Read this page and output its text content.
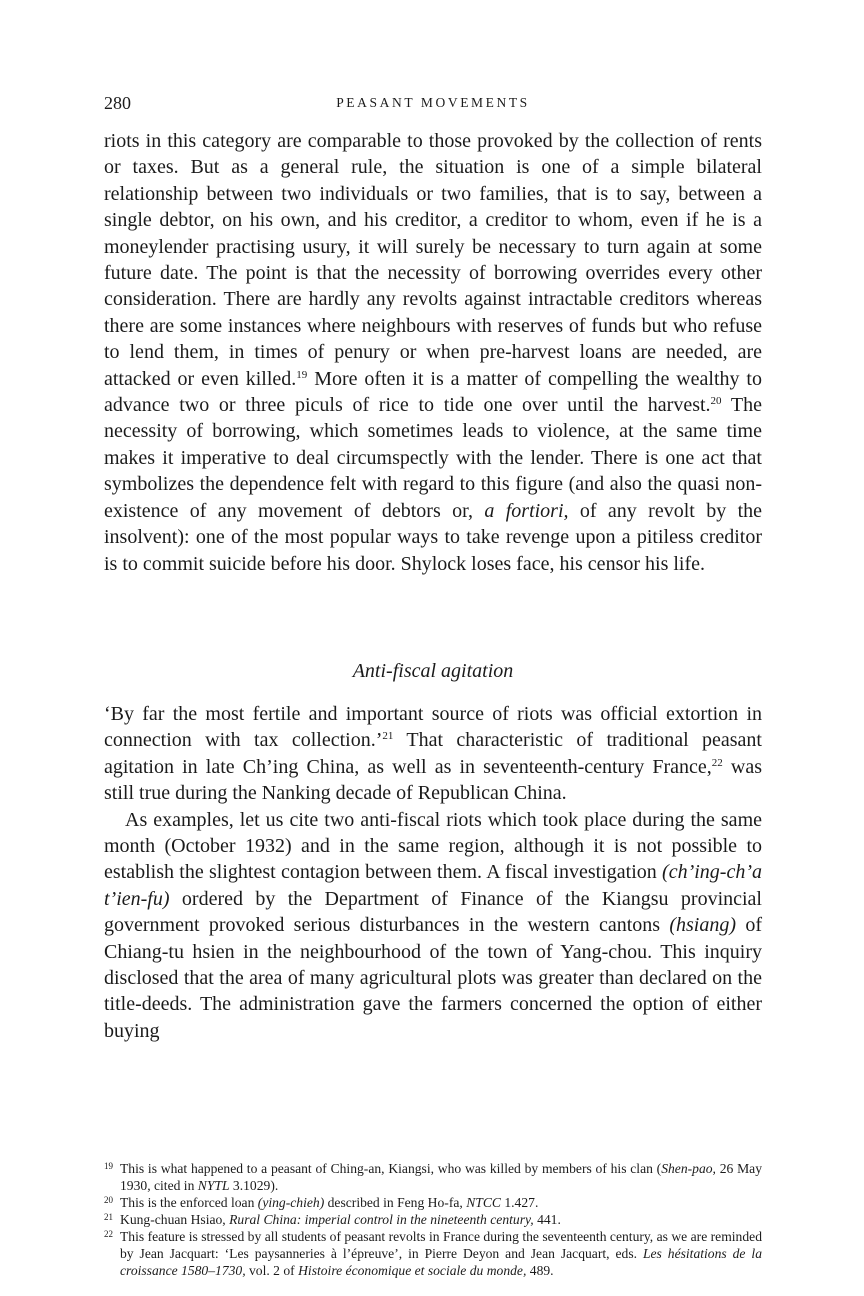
280	PEASANT MOVEMENTS

riots in this category are comparable to those provoked by the collection of rents or taxes. But as a general rule, the situation is one of a simple bilateral relationship between two individuals or two families, that is to say, between a single debtor, on his own, and his creditor, a creditor to whom, even if he is a moneylender practising usury, it will surely be necessary to turn again at some future date. The point is that the necessity of borrowing overrides every other consideration. There are hardly any revolts against intractable creditors whereas there are some instances where neighbours with reserves of funds but who refuse to lend them, in times of penury or when pre-harvest loans are needed, are attacked or even killed.$^{19}$ More often it is a matter of compelling the wealthy to advance two or three piculs of rice to tide one over until the harvest.$^{20}$ The necessity of borrowing, which sometimes leads to violence, at the same time makes it imperative to deal circumspectly with the lender. There is one act that symbolizes the dependence felt with regard to this figure (and also the quasi non-existence of any movement of debtors or, a fortiori, of any revolt by the insolvent): one of the most popular ways to take revenge upon a pitiless creditor is to commit suicide before his door. Shylock loses face, his censor his life.

Anti-fiscal agitation

‘By far the most fertile and important source of riots was official extortion in connection with tax collection.’$^{21}$ That characteristic of traditional peasant agitation in late Ch’ing China, as well as in seventeenth-century France,$^{22}$ was still true during the Nanking decade of Republican China.

As examples, let us cite two anti-fiscal riots which took place during the same month (October 1932) and in the same region, although it is not possible to establish the slightest contagion between them. A fiscal investigation (ch’ing-ch’a t’ien-fu) ordered by the Department of Finance of the Kiangsu provincial government provoked serious disturbances in the western cantons (hsiang) of Chiang-tu hsien in the neighbourhood of the town of Yang-chou. This inquiry disclosed that the area of many agricultural plots was greater than declared on the title-deeds. The administration gave the farmers concerned the option of either buying

19 This is what happened to a peasant of Ching-an, Kiangsi, who was killed by members of his clan (Shen-pao, 26 May 1930, cited in NYTL 3.1029).
20 This is the enforced loan (ying-chieh) described in Feng Ho-fa, NTCC 1.427.
21 Kung-chuan Hsiao, Rural China: imperial control in the nineteenth century, 441.
22 This feature is stressed by all students of peasant revolts in France during the seventeenth century, as we are reminded by Jean Jacquart: ‘Les paysanneries à l’épreuve’, in Pierre Deyon and Jean Jacquart, eds. Les hésitations de la croissance 1580–1730, vol. 2 of Histoire économique et sociale du monde, 489.
